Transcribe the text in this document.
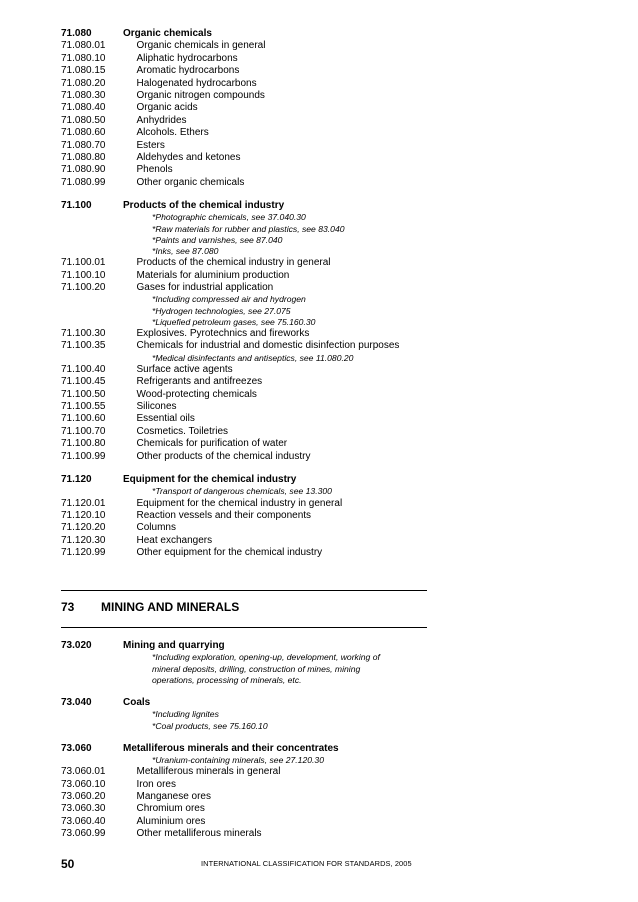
71.080	Organic chemicals
71.080.01	Organic chemicals in general
71.080.10	Aliphatic hydrocarbons
71.080.15	Aromatic hydrocarbons
71.080.20	Halogenated hydrocarbons
71.080.30	Organic nitrogen compounds
71.080.40	Organic acids
71.080.50	Anhydrides
71.080.60	Alcohols. Ethers
71.080.70	Esters
71.080.80	Aldehydes and ketones
71.080.90	Phenols
71.080.99	Other organic chemicals
71.100	Products of the chemical industry
*Photographic chemicals, see 37.040.30
*Raw materials for rubber and plastics, see 83.040
*Paints and varnishes, see 87.040
*Inks, see 87.080
71.100.01	Products of the chemical industry in general
71.100.10	Materials for aluminium production
71.100.20	Gases for industrial application
*Including compressed air and hydrogen
*Hydrogen technologies, see 27.075
*Liquefied petroleum gases, see 75.160.30
71.100.30	Explosives. Pyrotechnics and fireworks
71.100.35	Chemicals for industrial and domestic disinfection purposes
*Medical disinfectants and antiseptics, see 11.080.20
71.100.40	Surface active agents
71.100.45	Refrigerants and antifreezes
71.100.50	Wood-protecting chemicals
71.100.55	Silicones
71.100.60	Essential oils
71.100.70	Cosmetics. Toiletries
71.100.80	Chemicals for purification of water
71.100.99	Other products of the chemical industry
71.120	Equipment for the chemical industry
*Transport of dangerous chemicals, see 13.300
71.120.01	Equipment for the chemical industry in general
71.120.10	Reaction vessels and their components
71.120.20	Columns
71.120.30	Heat exchangers
71.120.99	Other equipment for the chemical industry
73	MINING AND MINERALS
73.020	Mining and quarrying
*Including exploration, opening-up, development, working of
mineral deposits, drilling, construction of mines, mining
operations, processing of minerals, etc.
73.040	Coals
*Including lignites
*Coal products, see 75.160.10
73.060	Metalliferous minerals and their concentrates
*Uranium-containing minerals, see 27.120.30
73.060.01	Metalliferous minerals in general
73.060.10	Iron ores
73.060.20	Manganese ores
73.060.30	Chromium ores
73.060.40	Aluminium ores
73.060.99	Other metalliferous minerals
50	INTERNATIONAL CLASSIFICATION FOR STANDARDS, 2005
